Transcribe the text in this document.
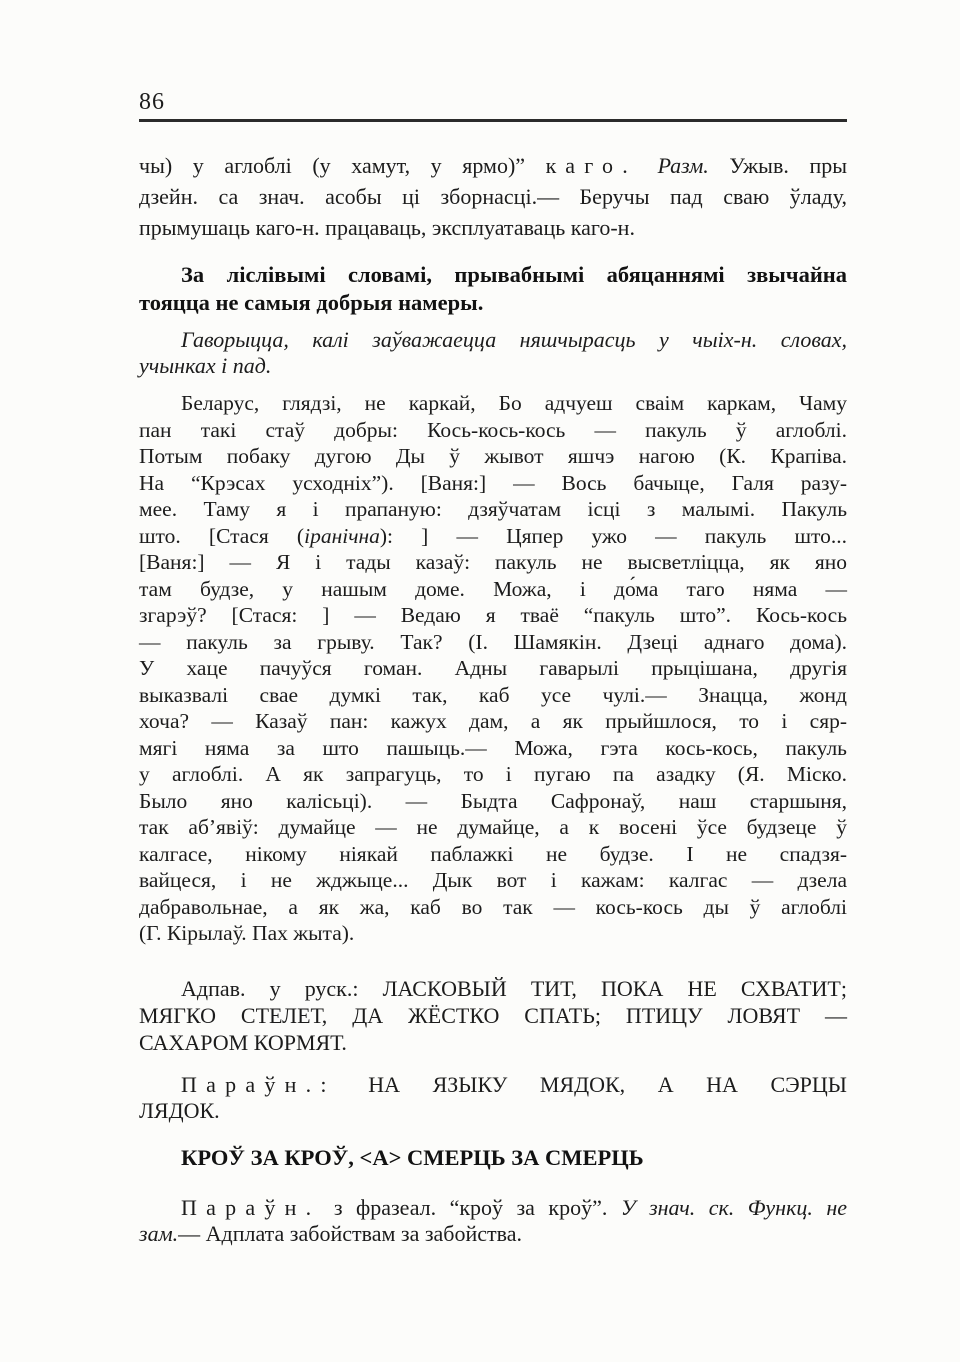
86
чы) у аглоблі (у хамут, у ярмо)” каго. Разм. Ужыв. пры
дзейн. са знач. асобы ці зборнасці.— Беручы пад сваю ўладу,
прымушаць каго-н. працаваць, эксплуатаваць каго-н.
За ліслівымі словамі, прывабнымі абяцаннямі звычайна
тояцца не самыя добрыя намеры.
Гаворыцца, калі заўважаецца няшчырасць у чыіх-н. словах,
учынках і пад.
Беларус, глядзі, не каркай, Бо адчуеш сваім каркам, Чаму
пан такі стаў добры: Кось-кось-кось — пакуль ў аглоблі.
Потым побаку дугою Ды ў жывот яшчэ нагою (К. Крапіва.
На “Крэсах усходніх”). [Ваня:] — Вось бачыце, Галя разу-
мее. Таму я і прапаную: дзяўчатам ісці з малымі. Пакуль
што. [Стася (іранічна): ] — Цяпер ужо — пакуль што...
[Ваня:] — Я і тады казаў: пакуль не высветліцца, як яно
там будзе, у нашым доме. Можа, і до́ма таго няма —
згарэў? [Стася: ] — Ведаю я тваё “пакуль што”. Кось-кось
— пакуль за грыву. Так? (І. Шамякін. Дзеці аднаго дома).
У хаце пачуўся гоман. Адны гаварылі прыцішана, другія
выказвалі свае думкі так, каб усе чулі.— Знацца, жонд
хоча? — Казаў пан: кажух дам, а як прыйшлося, то і сяр-
мягі няма за што пашыць.— Можа, гэта кось-кось, пакуль
у аглоблі. А як запрагуць, то і пугаю па азадку (Я. Міско.
Было яно калісьці). — Быдта Сафронаў, наш старшыня,
так аб’явіў: думайце — не думайце, а к восені ўсе будзеце ў
калгасе, нікому ніякай паблажкі не будзе. І не спадзя-
вайцеся, і не жджыце... Дык вот і кажам: калгас — дзела
дабравольнае, а як жа, каб во так — кось-кось ды ў аглоблі
(Г. Кірылаў. Пах жыта).
Адпав. у руск.: ЛАСКОВЫЙ ТИТ, ПОКА НЕ СХВАТИТ;
МЯГКО СТЕЛЕТ, ДА ЖЁСТКО СПАТЬ; ПТИЦУ ЛОВЯТ —
САХАРОМ КОРМЯТ.
Параўн.: НА ЯЗЫКУ МЯДОК, А НА СЭРЦЫ
ЛЯДОК.
КРОЎ ЗА КРОЎ, <А> СМЕРЦЬ ЗА СМЕРЦЬ
Параўн. з фразеал. “кроў за кроў”. У знач. ск. Функц. не
зам.— Адплата забойствам за забойства.
